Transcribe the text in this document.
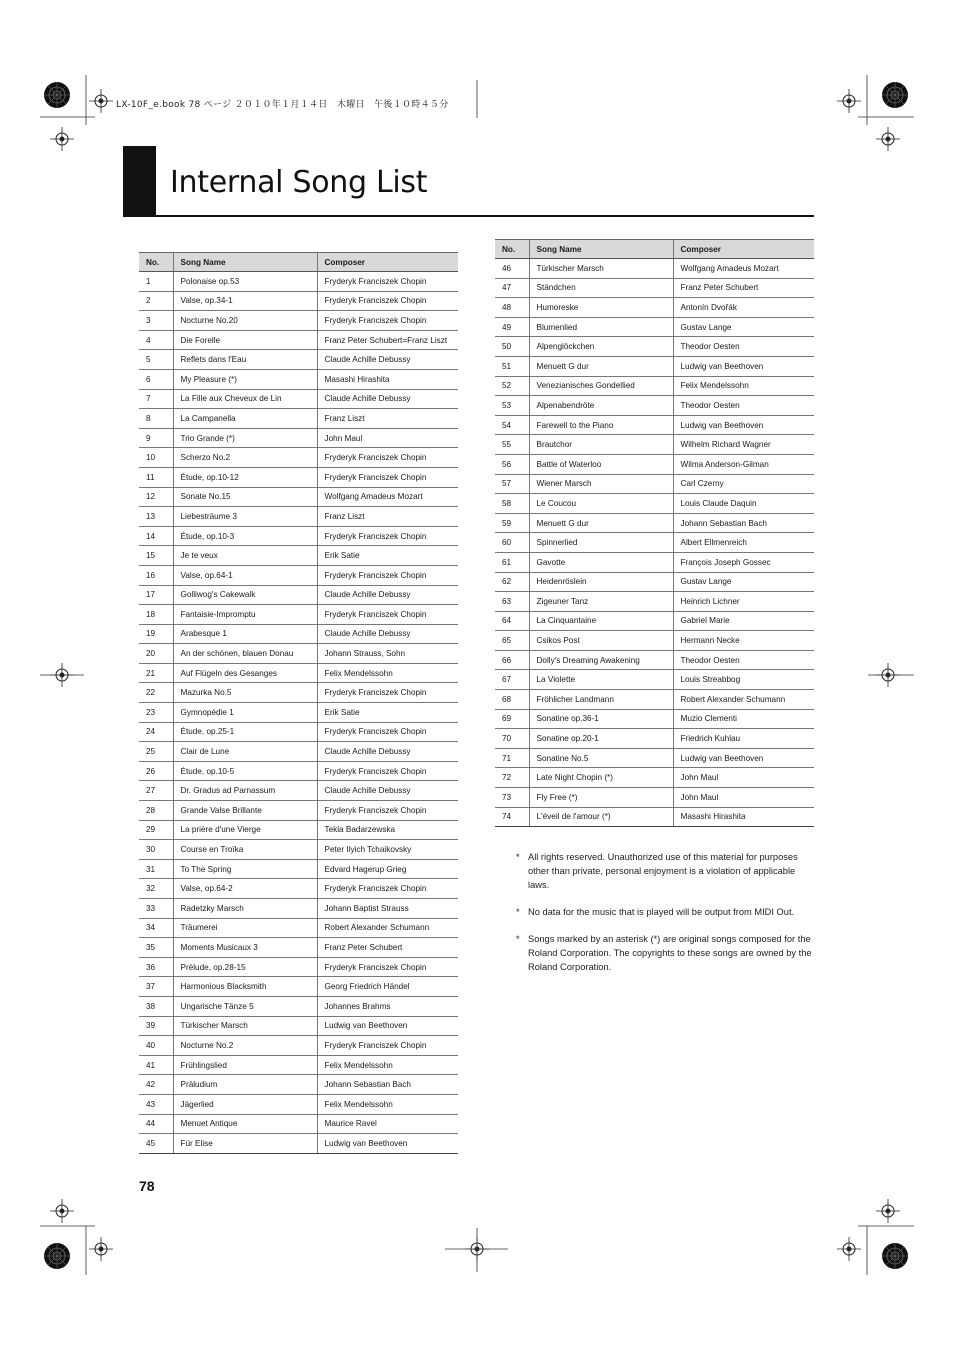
LX-10F_e.book 78 ページ ２０１０年１月１４日　木曜日　午後１０時４５分
Internal Song List
No.	Song Name	Composer
1	Polonaise op.53	Fryderyk Franciszek Chopin
2	Valse, op.34-1	Fryderyk Franciszek Chopin
3	Nocturne No.20	Fryderyk Franciszek Chopin
4	Die Forelle	Franz Peter Schubert=Franz Liszt
5	Reflets dans l'Eau	Claude Achille Debussy
6	My Pleasure (*)	Masashi Hirashita
7	La Fille aux Cheveux de Lin	Claude Achille Debussy
8	La Campanella	Franz Liszt
9	Trio Grande (*)	John Maul
10	Scherzo No.2	Fryderyk Franciszek Chopin
11	Étude, op.10-12	Fryderyk Franciszek Chopin
12	Sonate No.15	Wolfgang Amadeus Mozart
13	Liebesträume 3	Franz Liszt
14	Étude, op.10-3	Fryderyk Franciszek Chopin
15	Je te veux	Erik Satie
16	Valse, op.64-1	Fryderyk Franciszek Chopin
17	Golliwog's Cakewalk	Claude Achille Debussy
18	Fantaisie-Impromptu	Fryderyk Franciszek Chopin
19	Arabesque 1	Claude Achille Debussy
20	An der schönen, blauen Donau	Johann Strauss, Sohn
21	Auf Flügeln des Gesanges	Felix Mendelssohn
22	Mazurka No.5	Fryderyk Franciszek Chopin
23	Gymnopédie 1	Erik Satie
24	Étude, op.25-1	Fryderyk Franciszek Chopin
25	Clair de Lune	Claude Achille Debussy
26	Étude, op.10-5	Fryderyk Franciszek Chopin
27	Dr. Gradus ad Parnassum	Claude Achille Debussy
28	Grande Valse Brillante	Fryderyk Franciszek Chopin
29	La prière d'une Vierge	Tekla Badarzewska
30	Course en Troïka	Peter Ilyich Tchaikovsky
31	To The Spring	Edvard Hagerup Grieg
32	Valse, op.64-2	Fryderyk Franciszek Chopin
33	Radetzky Marsch	Johann Baptist Strauss
34	Träumerei	Robert Alexander Schumann
35	Moments Musicaux 3	Franz Peter Schubert
36	Prèlude, op.28-15	Fryderyk Franciszek Chopin
37	Harmonious Blacksmith	Georg Friedrich Händel
38	Ungarische Tänze 5	Johannes Brahms
39	Türkischer Marsch	Ludwig van Beethoven
40	Nocturne No.2	Fryderyk Franciszek Chopin
41	Frühlingslied	Felix Mendelssohn
42	Präludium	Johann Sebastian Bach
43	Jägerlied	Felix Mendelssohn
44	Menuet Antique	Maurice Ravel
45	Für Elise	Ludwig van Beethoven
No.	Song Name	Composer
46	Türkischer Marsch	Wolfgang Amadeus Mozart
47	Ständchen	Franz Peter Schubert
48	Humoreske	Antonín Dvořák
49	Blumenlied	Gustav Lange
50	Alpenglöckchen	Theodor Oesten
51	Menuett G dur	Ludwig van Beethoven
52	Venezianisches Gondellied	Felix Mendelssohn
53	Alpenabendröte	Theodor Oesten
54	Farewell to the Piano	Ludwig van Beethoven
55	Brautchor	Wilhelm Richard Wagner
56	Battle of Waterloo	Wilma Anderson-Gilman
57	Wiener Marsch	Carl Czerny
58	Le Coucou	Louis Claude Daquin
59	Menuett G dur	Johann Sebastian Bach
60	Spinnerlied	Albert Ellmenreich
61	Gavotte	François Joseph Gossec
62	Heidenröslein	Gustav Lange
63	Zigeuner Tanz	Heinrich Lichner
64	La Cinquantaine	Gabriel Marie
65	Csikos Post	Hermann Necke
66	Dolly's Dreaming Awakening	Theodor Oesten
67	La Violette	Louis Streabbog
68	Fröhlicher Landmann	Robert Alexander Schumann
69	Sonatine op.36-1	Muzio Clementi
70	Sonatine op.20-1	Friedrich Kuhlau
71	Sonatine No.5	Ludwig van Beethoven
72	Late Night Chopin (*)	John Maul
73	Fly Free (*)	John Maul
74	L'éveil de l'amour (*)	Masashi Hirashita

* All rights reserved. Unauthorized use of this material for purposes other than private, personal enjoyment is a violation of applicable laws.

* No data for the music that is played will be output from MIDI Out.

* Songs marked by an asterisk (*) are original songs composed for the Roland Corporation. The copyrights to these songs are owned by the Roland Corporation.

78
